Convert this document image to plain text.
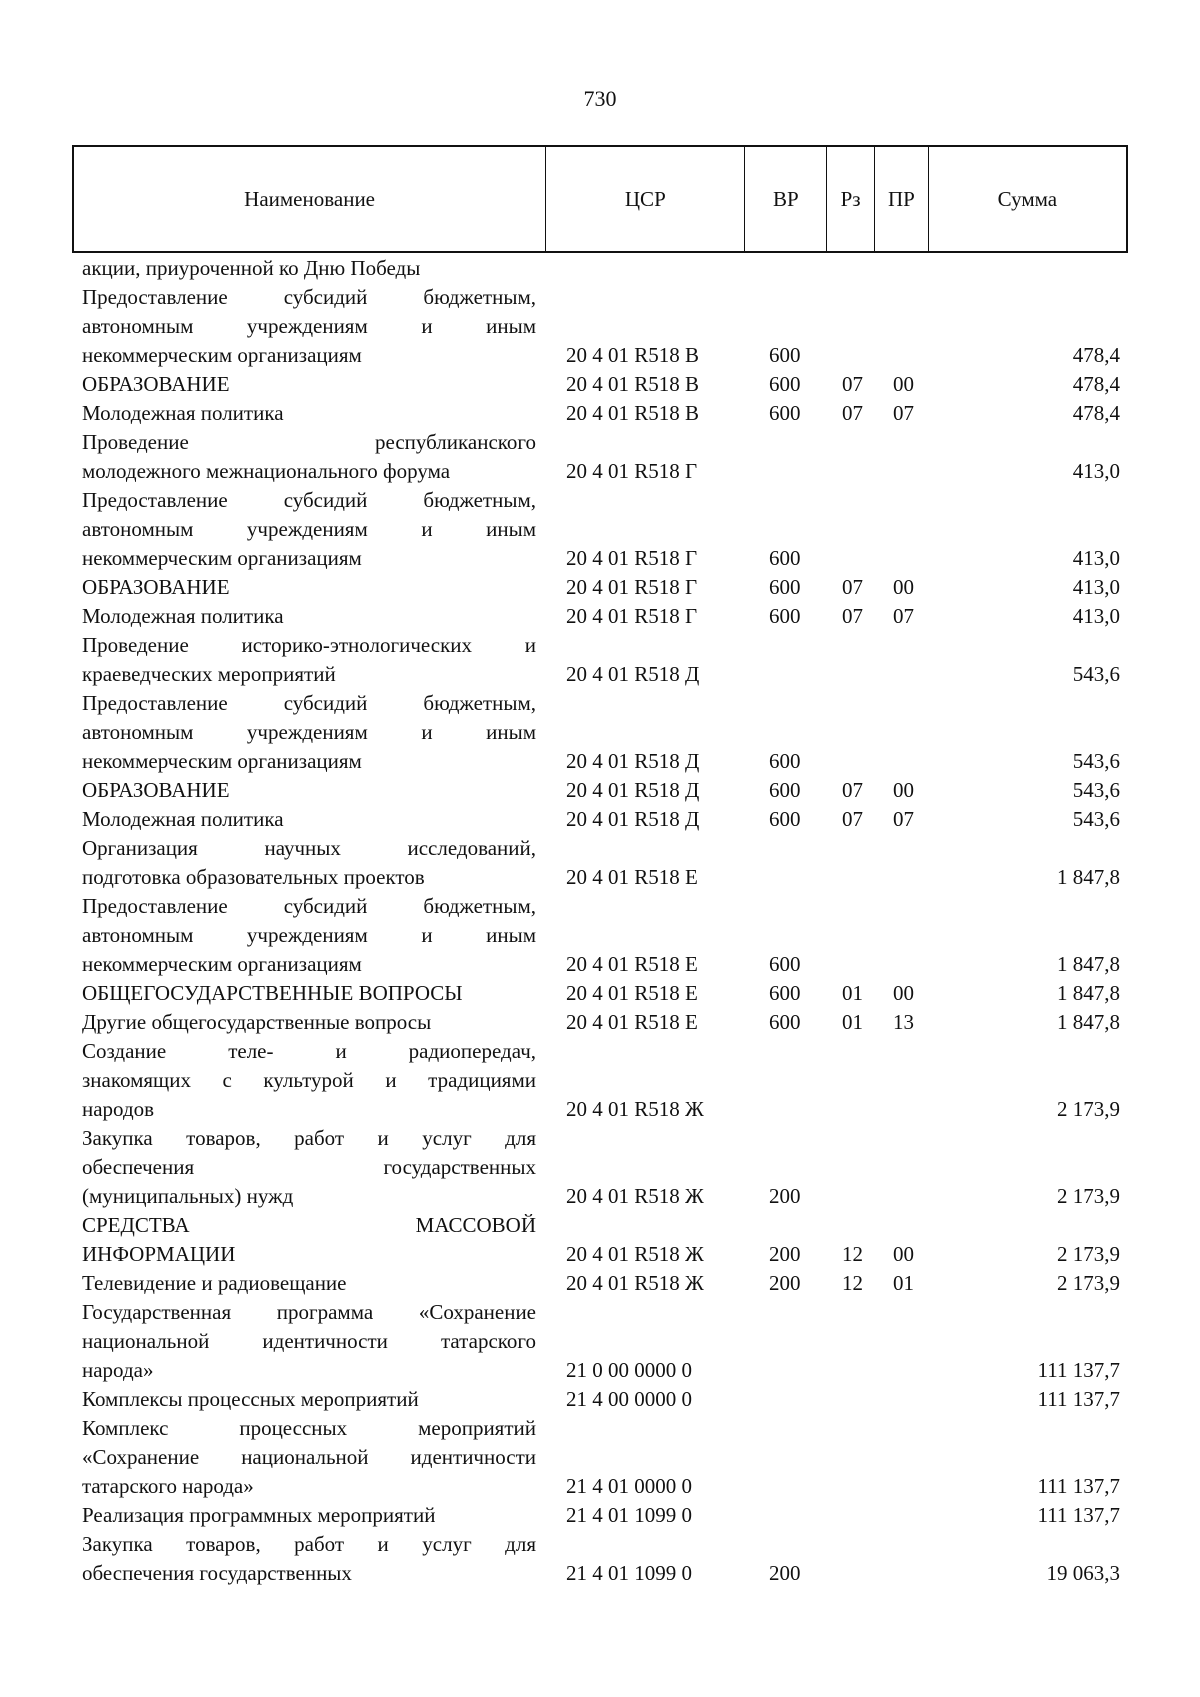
730
Наименование	ЦСР	ВР	Рз	ПР	Сумма
акции, приуроченной ко Дню Победы
Предоставление субсидий бюджетным,
автономным учреждениям и иным
некоммерческим организациям	20 4 01 R518 В	600	478,4
ОБРАЗОВАНИЕ	20 4 01 R518 В	600 07 00	478,4
Молодежная политика	20 4 01 R518 В	600 07 07	478,4
Проведение республиканского
молодежного межнационального форума	20 4 01 R518 Г	413,0
Предоставление субсидий бюджетным,
автономным учреждениям и иным
некоммерческим организациям	20 4 01 R518 Г	600	413,0
ОБРАЗОВАНИЕ	20 4 01 R518 Г	600 07 00	413,0
Молодежная политика	20 4 01 R518 Г	600 07 07	413,0
Проведение историко-этнологических и
краеведческих мероприятий	20 4 01 R518 Д	543,6
Предоставление субсидий бюджетным,
автономным учреждениям и иным
некоммерческим организациям	20 4 01 R518 Д	600	543,6
ОБРАЗОВАНИЕ	20 4 01 R518 Д	600 07 00	543,6
Молодежная политика	20 4 01 R518 Д	600 07 07	543,6
Организация научных исследований,
подготовка образовательных проектов	20 4 01 R518 Е	1 847,8
Предоставление субсидий бюджетным,
автономным учреждениям и иным
некоммерческим организациям	20 4 01 R518 Е	600	1 847,8
ОБЩЕГОСУДАРСТВЕННЫЕ ВОПРОСЫ	20 4 01 R518 Е	600 01 00	1 847,8
Другие общегосударственные вопросы	20 4 01 R518 Е	600 01 13	1 847,8
Создание теле- и радиопередач,
знакомящих с культурой и традициями
народов	20 4 01 R518 Ж	2 173,9
Закупка товаров, работ и услуг для
обеспечения государственных
(муниципальных) нужд	20 4 01 R518 Ж	200	2 173,9
СРЕДСТВА МАССОВОЙ
ИНФОРМАЦИИ	20 4 01 R518 Ж	200 12 00	2 173,9
Телевидение и радиовещание	20 4 01 R518 Ж	200 12 01	2 173,9
Государственная программа «Сохранение
национальной идентичности татарского
народа»	21 0 00 0000 0	111 137,7
Комплексы процессных мероприятий	21 4 00 0000 0	111 137,7
Комплекс процессных мероприятий
«Сохранение национальной идентичности
татарского народа»	21 4 01 0000 0	111 137,7
Реализация программных мероприятий	21 4 01 1099 0	111 137,7
Закупка товаров, работ и услуг для
обеспечения государственных	21 4 01 1099 0	200	19 063,3
